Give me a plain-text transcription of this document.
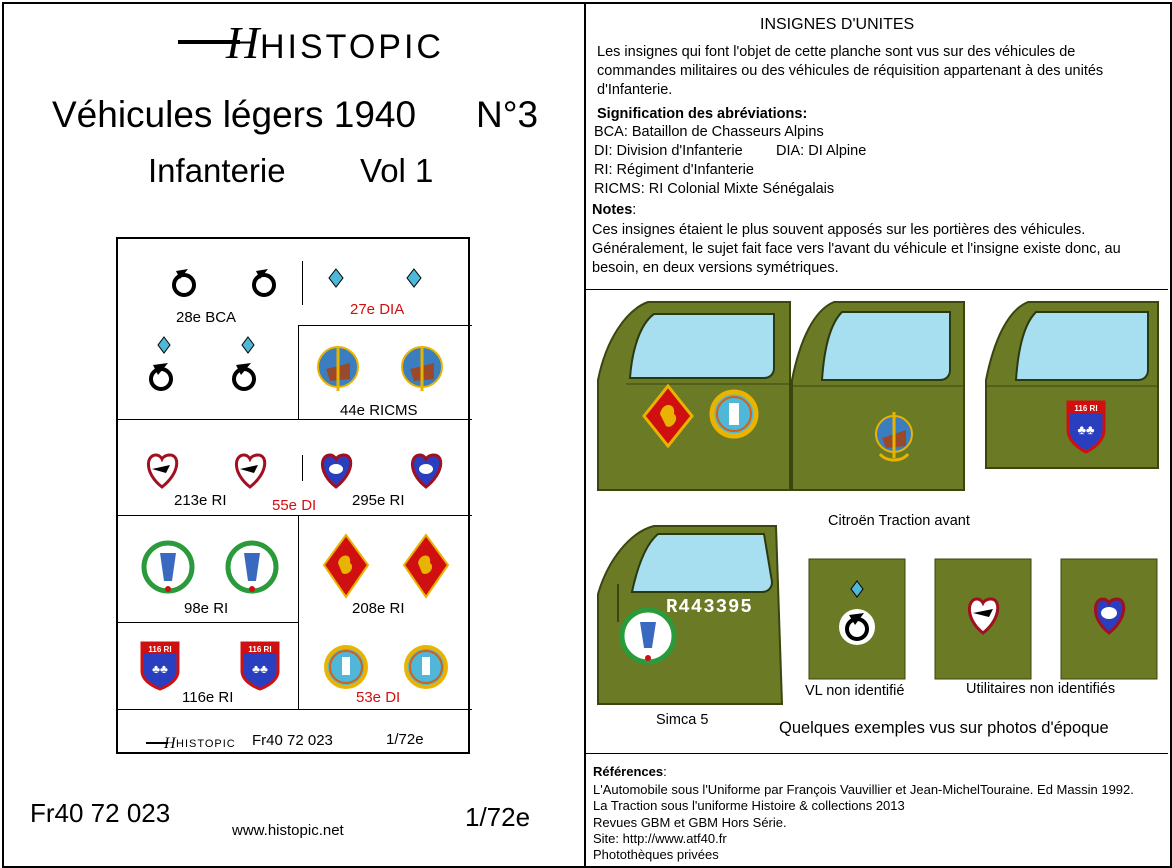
H HISTOPIC
Véhicules légers 1940 N°3
Infanterie Vol 1
28e BCA	27e DIA
44e RICMS
213e RI	55e DI 295e RI
98e RI	208e RI
116 RI
♣♣
116 RI
♣♣
116e RI	53e DI
H HISTOPIC Fr40 72 023	1/72e
Fr40 72 023
www.histopic.net	1/72e
INSIGNES D'UNITES
Les insignes qui font l'objet de cette planche sont vus sur des véhicules de commandes militaires ou des véhicules de réquisition appartenant à des unités d'Infanterie.
Signification des abréviations:
BCA: Bataillon de Chasseurs Alpins
DI: Division d'Infanterie DIA: DI Alpine
RI: Régiment d'Infanterie
RICMS: RI Colonial Mixte Sénégalais
Notes:
Ces insignes étaient le plus souvent apposés sur les portières des véhicules. Généralement, le sujet fait face vers l'avant du véhicule et l'insigne existe donc, au besoin, en deux versions symétriques.
116 RI
♣♣
Citroën Traction avant
R443395
Simca 5
VL non identifié	Utilitaires non identifiés
Quelques exemples vus sur photos d'époque
Références:
L'Automobile sous l'Uniforme par François Vauvillier et Jean-MichelTouraine. Ed Massin 1992.
La Traction sous l'uniforme Histoire & collections 2013
Revues GBM et GBM Hors Série.
Site: http://www.atf40.fr
Photothèques privées
